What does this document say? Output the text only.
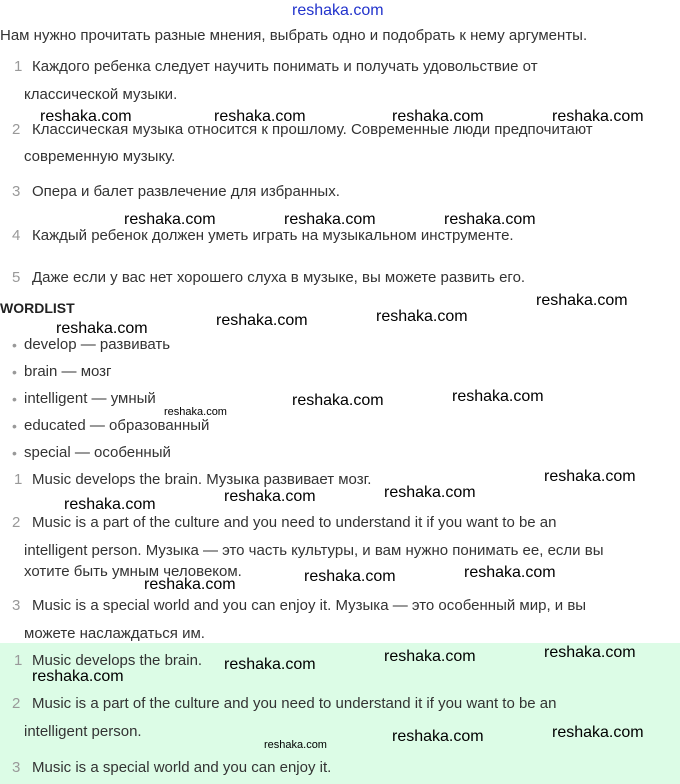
reshaka.com
Нам нужно прочитать разные мнения, выбрать одно и подобрать к нему аргументы.
1 Каждого ребенка следует научить понимать и получать удовольствие от
классической музыки.
2 Классическая музыка относится к прошлому. Современные люди предпочитают
современную музыку.
3 Опера и балет развлечение для избранных.
4 Каждый ребенок должен уметь играть на музыкальном инструменте.
5 Даже если у вас нет хорошего слуха в музыке, вы можете развить его.
WORDLIST
• develop — развивать
• brain — мозг
• intelligent — умный
• educated — образованный
• special — особенный
1 Music develops the brain. Музыка развивает мозг.
2 Music is a part of the culture and you need to understand it if you want to be an
intelligent person. Музыка — это часть культуры, и вам нужно понимать ее, если вы
хотите быть умным человеком.
3 Music is a special world and you can enjoy it. Музыка — это особенный мир, и вы
можете наслаждаться им.
1 Music develops the brain.
2 Music is a part of the culture and you need to understand it if you want to be an
intelligent person.
3 Music is a special world and you can enjoy it.
reshaka.com	reshaka.com	reshaka.com	reshaka.com
reshaka.com	reshaka.com	reshaka.com
reshaka.com
reshaka.com	reshaka.com	reshaka.com
reshaka.com	reshaka.com
reshaka.com
reshaka.com
reshaka.com	reshaka.com	reshaka.com
reshaka.com	reshaka.com	reshaka.com
reshaka.com	reshaka.com	reshaka.com
reshaka.com
reshaka.com	reshaka.com	reshaka.com
